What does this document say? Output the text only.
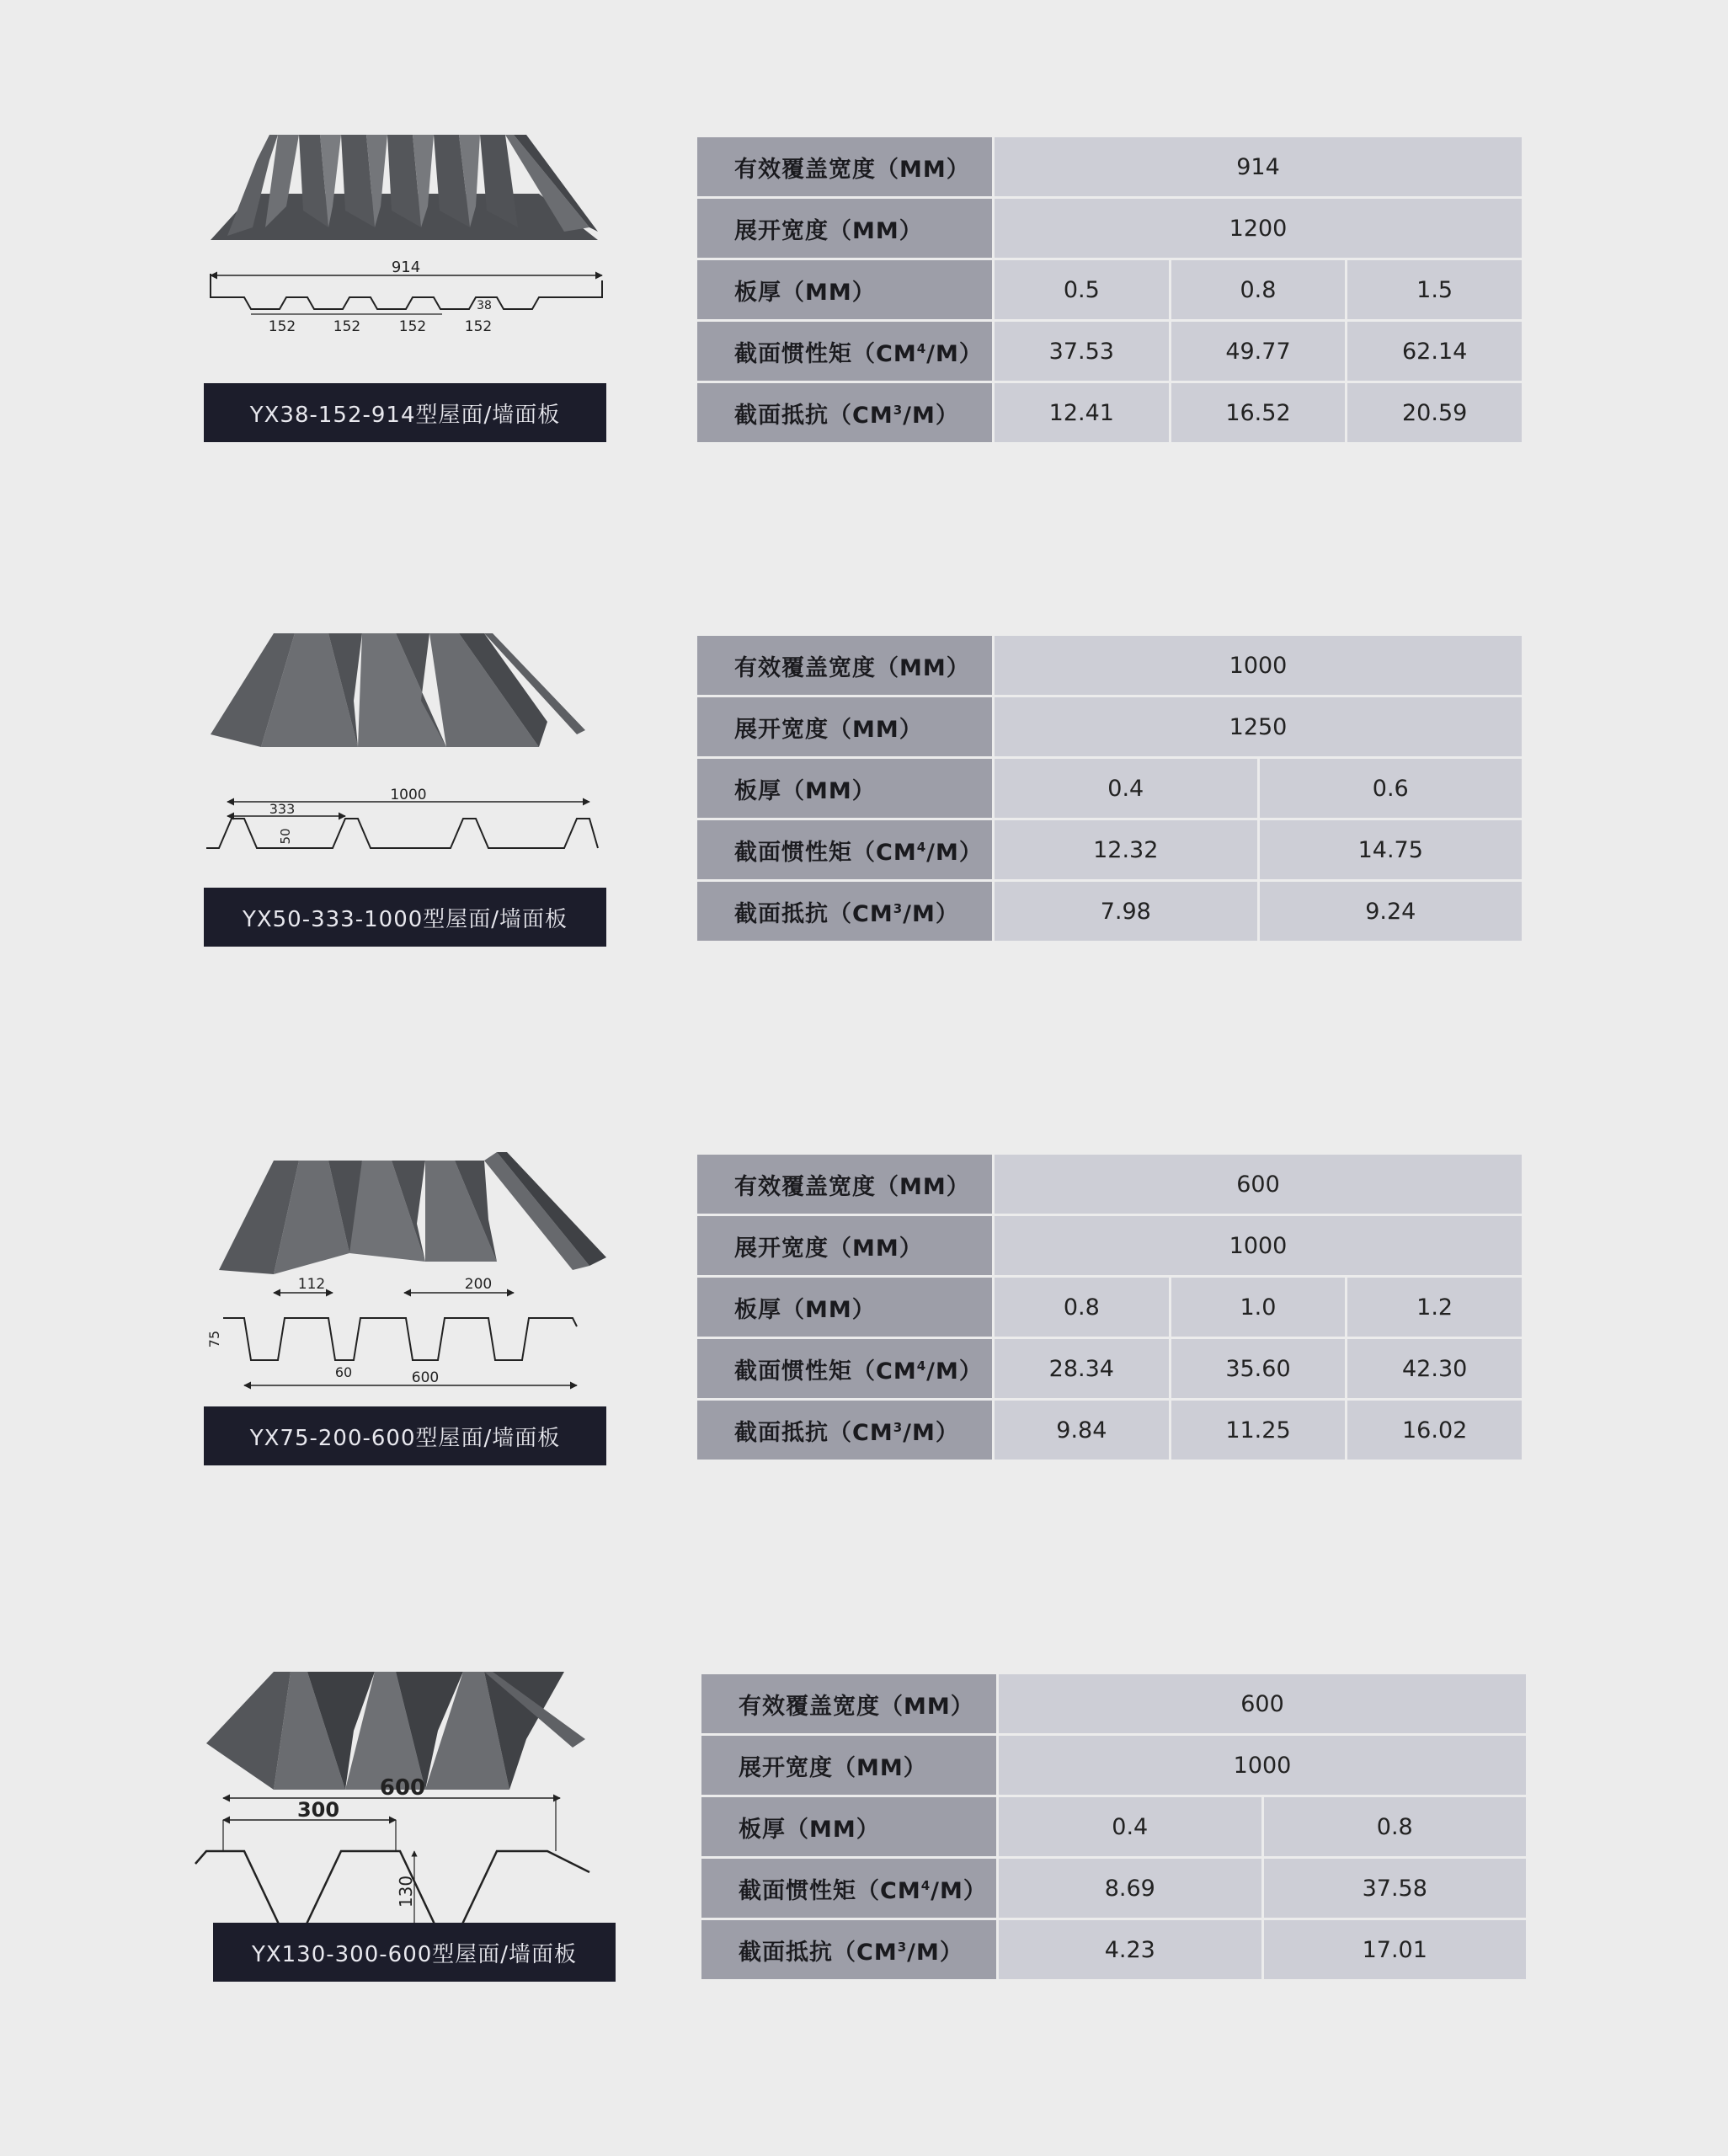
914
152	152	152	152
38
YX38-152-914型屋面/墙面板
有效覆盖宽度（MM）	914		
展开宽度（MM）	1200		
板厚（MM）	0.5	0.8	1.5
截面惯性矩$(CM^4/M)$	37.53	49.77	62.14
截面抵抗$(CM^3/M)$	12.41	16.52	20.59
1000
333
50
YX50-333-1000型屋面/墙面板
有效覆盖宽度（MM）	1000	
展开宽度（MM）	1250	
板厚（MM）	0.4	0.6
截面惯性矩$(CM^4/M)$	12.32	14.75
截面抵抗$(CM^3/M)$	7.98	9.24
112	200
75
60	600
YX75-200-600型屋面/墙面板
有效覆盖宽度（MM）	600		
展开宽度（MM）	1000		
板厚（MM）	0.8	1.0	1.2
截面惯性矩$(CM^4/M)$	28.34	35.60	42.30
截面抵抗$(CM^3/M)$	9.84	11.25	16.02
600
300
130
YX130-300-600型屋面/墙面板
有效覆盖宽度（MM）	600	
展开宽度（MM）	1000	
板厚（MM）	0.4	0.8
截面惯性矩$(CM^4/M)$	8.69	37.58
截面抵抗$(CM^3/M)$	4.23	17.01
